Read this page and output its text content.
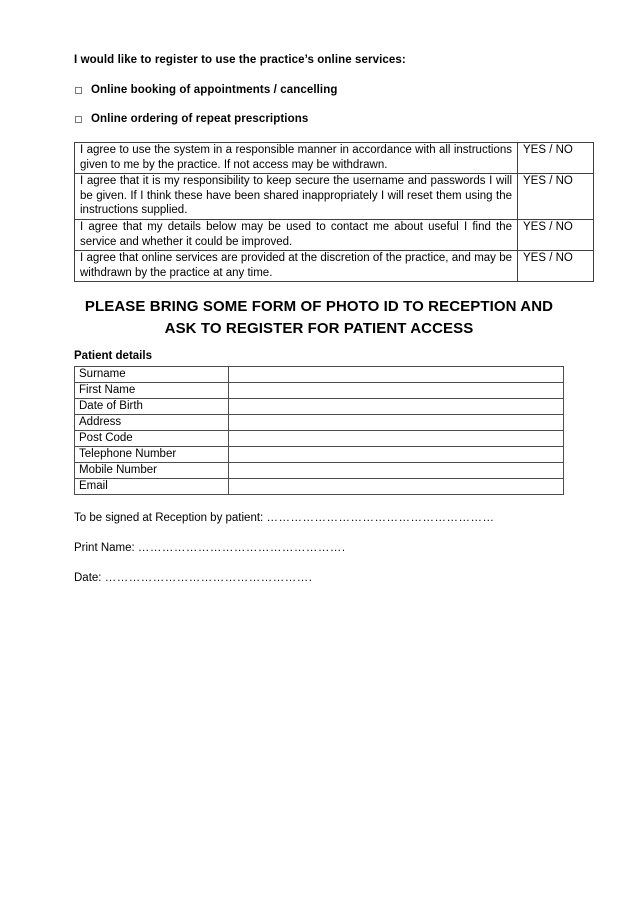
I would like to register to use the practice’s online services:
Online booking of appointments / cancelling
Online ordering of repeat prescriptions
I agree to use the system in a responsible manner in accordance with all instructions given to me by the practice. If not access may be withdrawn.	YES / NO
I agree that it is my responsibility to keep secure the username and passwords I will be given. If I think these have been shared inappropriately I will reset them using the instructions supplied.	YES / NO
I agree that my details below may be used to contact me about useful I find the service and whether it could be improved.	YES / NO
I agree that online services are provided at the discretion of the practice, and may be withdrawn by the practice at any time.	YES / NO
PLEASE BRING SOME FORM OF PHOTO ID TO RECEPTION AND
ASK TO REGISTER FOR PATIENT ACCESS
Patient details
Surname	
First Name	
Date of Birth	
Address	
Post Code	
Telephone Number	
Mobile Number	
Email	
To be signed at Reception by patient: …………………………………………………
Print Name: …………………………………………….
Date: …………………………………………….
